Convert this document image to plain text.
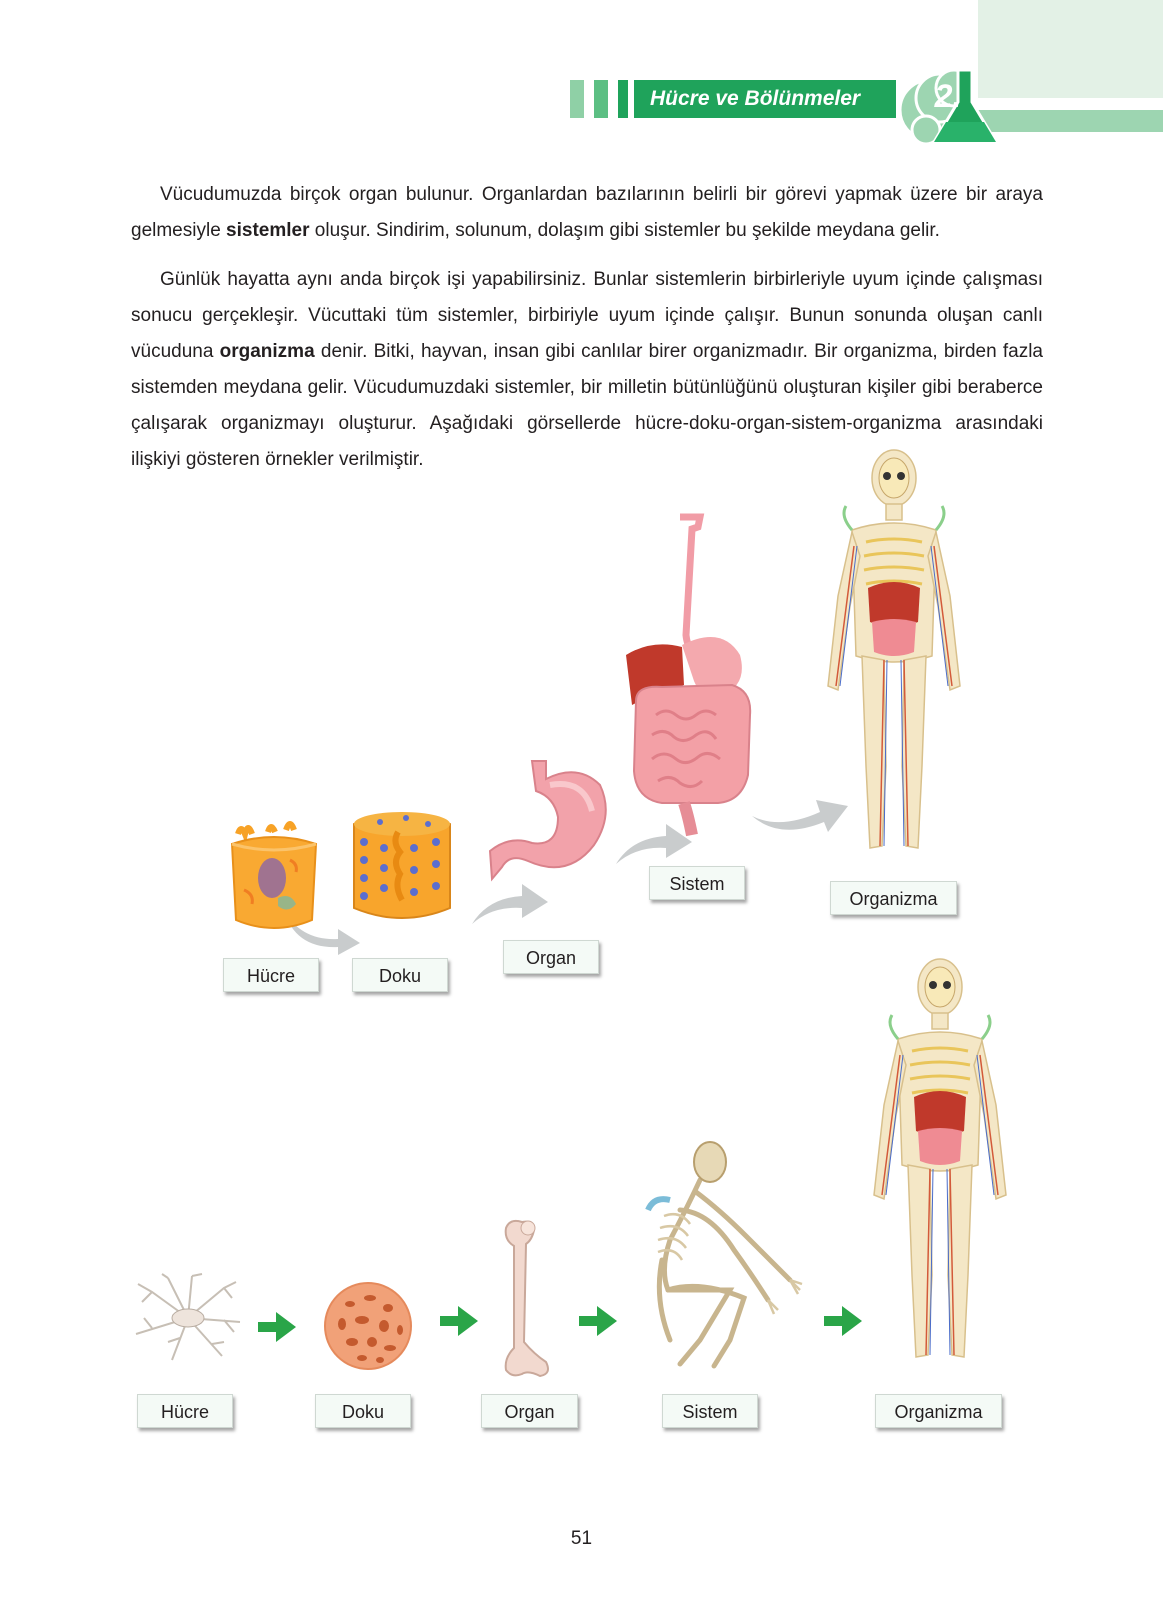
Hücre ve Bölünmeler	2.

Vücudumuzda birçok organ bulunur. Organlardan bazılarının belirli bir görevi yapmak üzere bir araya gelmesiyle sistemler oluşur. Sindirim, solunum, dolaşım gibi sistemler bu şekilde meydana gelir.

Günlük hayatta aynı anda birçok işi yapabilirsiniz. Bunlar sistemlerin birbirleriyle uyum içinde çalışması sonucu gerçekleşir. Vücuttaki tüm sistemler, birbiriyle uyum içinde çalışır. Bunun sonunda oluşan canlı vücuduna organizma denir. Bitki, hayvan, insan gibi canlılar birer organizmadır. Bir organizma, birden fazla sistemden meydana gelir. Vücudumuzdaki sistemler, bir milletin bütünlüğünü oluşturan kişiler gibi beraberce çalışarak organizmayı oluşturur. Aşağıdaki görsellerde hücre-doku-organ-sistem-organizma arasındaki ilişkiyi gösteren örnekler verilmiştir.

Hücre	Doku
Organ
Sistem
Organizma
Hücre	Doku	Organ	Sistem	Organizma
51
